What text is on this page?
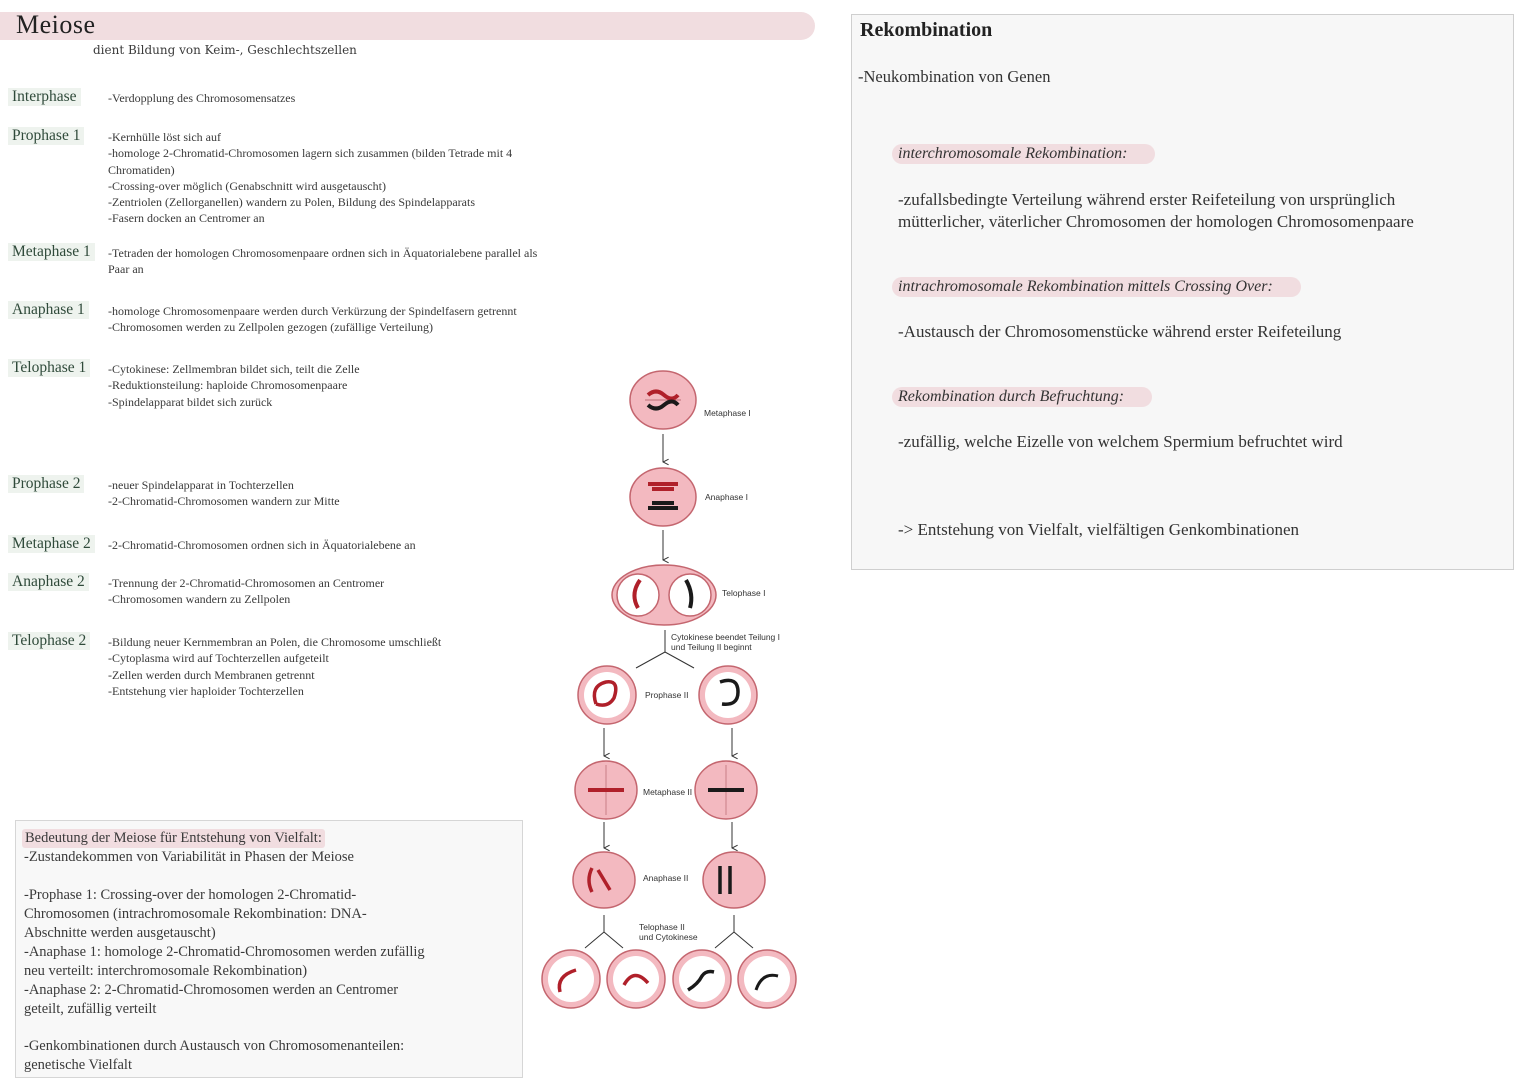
Meiose
dient Bildung von Keim-, Geschlechtszellen
Interphase	-Verdopplung des Chromosomensatzes
Prophase 1	-Kernhülle löst sich auf
-homologe 2-Chromatid-Chromosomen lagern sich zusammen (bilden Tetrade mit 4
Chromatiden)
-Crossing-over möglich (Genabschnitt wird ausgetauscht)
-Zentriolen (Zellorganellen) wandern zu Polen, Bildung des Spindelapparats
-Fasern docken an Centromer an
Metaphase 1	-Tetraden der homologen Chromosomenpaare ordnen sich in Äquatorialebene parallel als
Paar an
Anaphase 1	-homologe Chromosomenpaare werden durch Verkürzung der Spindelfasern getrennt
-Chromosomen werden zu Zellpolen gezogen (zufällige Verteilung)
Telophase 1	-Cytokinese: Zellmembran bildet sich, teilt die Zelle
-Reduktionsteilung: haploide Chromosomenpaare
-Spindelapparat bildet sich zurück
Prophase 2	-neuer Spindelapparat in Tochterzellen
-2-Chromatid-Chromosomen wandern zur Mitte
Metaphase 2	-2-Chromatid-Chromosomen ordnen sich in Äquatorialebene an
Anaphase 2	-Trennung der 2-Chromatid-Chromosomen an Centromer
-Chromosomen wandern zu Zellpolen
Telophase 2	-Bildung neuer Kernmembran an Polen, die Chromosome umschließt
-Cytoplasma wird auf Tochterzellen aufgeteilt
-Zellen werden durch Membranen getrennt
-Entstehung vier haploider Tochterzellen
Bedeutung der Meiose für Entstehung von Vielfalt:
-Zustandekommen von Variabilität in Phasen der Meiose

-Prophase 1: Crossing-over der homologen 2-Chromatid-
Chromosomen (intrachromosomale Rekombination: DNA-
Abschnitte werden ausgetauscht)
-Anaphase 1: homologe 2-Chromatid-Chromosomen werden zufällig
neu verteilt: interchromosomale Rekombination)
-Anaphase 2: 2-Chromatid-Chromosomen werden an Centromer
geteilt, zufällig verteilt
-Genkombinationen durch Austausch von Chromosomenanteilen:
genetische Vielfalt
Rekombination
-Neukombination von Genen
interchromosomale Rekombination:
-zufallsbedingte Verteilung während erster Reifeteilung von ursprünglich
mütterlicher, väterlicher Chromosomen der homologen Chromosomenpaare
intrachromosomale Rekombination mittels Crossing Over:
-Austausch der Chromosomenstücke während erster Reifeteilung
Rekombination durch Befruchtung:
-zufällig, welche Eizelle von welchem Spermium befruchtet wird
-> Entstehung von Vielfalt, vielfältigen Genkombinationen
Metaphase I
Anaphase I
Telophase I
Cytokinese beendet Teilung I
und Teilung II beginnt
Prophase II
Metaphase II
Anaphase II
Telophase II
und Cytokinese
